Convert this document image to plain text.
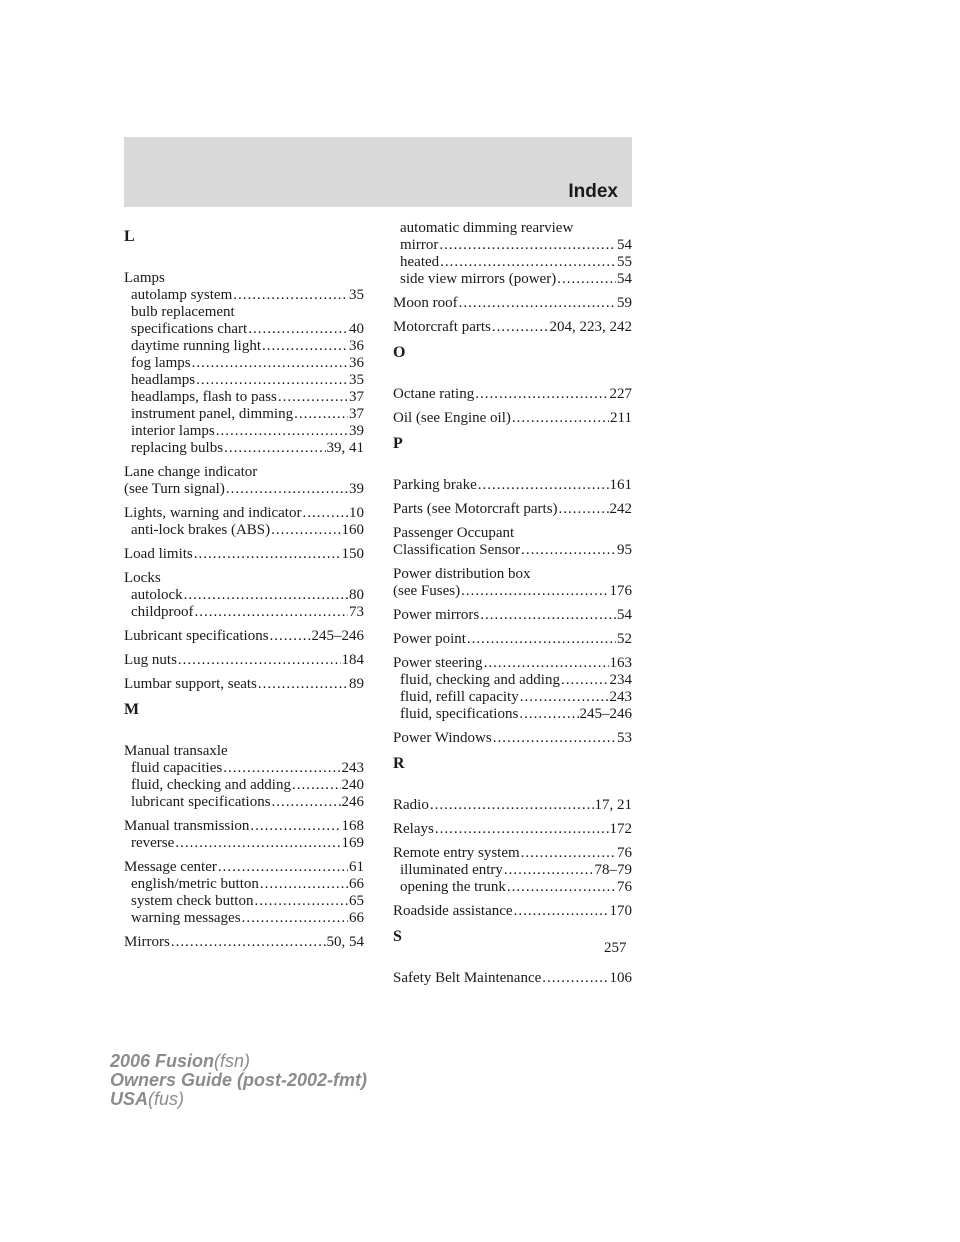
Index
L
Lamps
autolamp system .....	35
bulb replacement
specifications chart .....	40
daytime running light .....	36
fog lamps .....	36
headlamps .....	35
headlamps, flash to pass .....	37
instrument panel, dimming .....	37
interior lamps .....	39
replacing bulbs .....	39, 41
Lane change indicator
(see Turn signal) .....	39
Lights, warning and indicator .....	10
anti-lock brakes (ABS) .....	160
Load limits .....	150
Locks
autolock .....	80
childproof .....	73
Lubricant specifications .....	245–246
Lug nuts .....	184
Lumbar support, seats .....	89
M
Manual transaxle
fluid capacities .....	243
fluid, checking and adding .....	240
lubricant specifications .....	246
Manual transmission .....	168
reverse .....	169
Message center .....	61
english/metric button .....	66
system check button .....	65
warning messages .....	66
Mirrors .....	50, 54
automatic dimming rearview
mirror .....	54
heated .....	55
side view mirrors (power) .....	54
Moon roof .....	59
Motorcraft parts .....	204, 223, 242
O
Octane rating .....	227
Oil (see Engine oil) .....	211
P
Parking brake .....	161
Parts (see Motorcraft parts) .....	242
Passenger Occupant
Classification Sensor .....	95
Power distribution box
(see Fuses) .....	176
Power mirrors .....	54
Power point .....	52
Power steering .....	163
fluid, checking and adding .....	234
fluid, refill capacity .....	243
fluid, specifications .....	245–246
Power Windows .....	53
R
Radio .....	17, 21
Relays .....	172
Remote entry system .....	76
illuminated entry .....	78–79
opening the trunk .....	76
Roadside assistance .....	170
S
Safety Belt Maintenance .....	106
257
2006 Fusion(fsn)
Owners Guide (post-2002-fmt)
USA(fus)
